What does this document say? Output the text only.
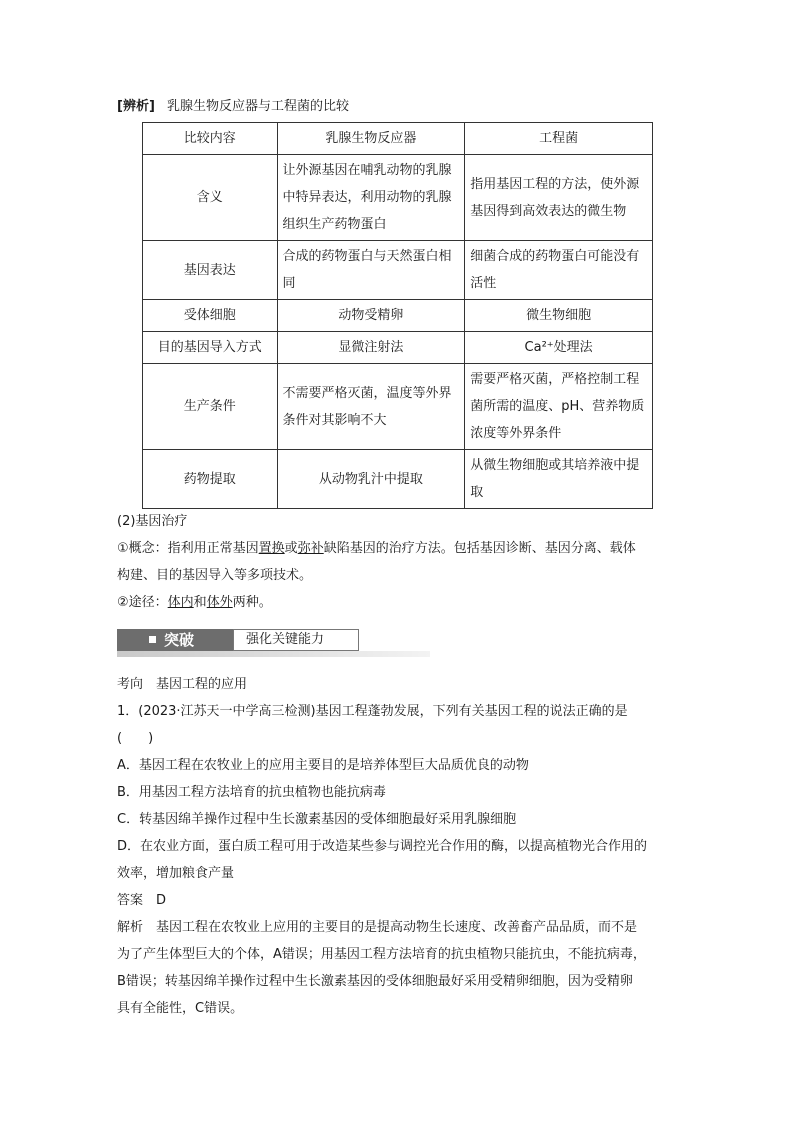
[辨析] 乳腺生物反应器与工程菌的比较
比较内容	乳腺生物反应器	工程菌
含义	让外源基因在哺乳动物的乳腺中特异表达，利用动物的乳腺组织生产药物蛋白	指用基因工程的方法，使外源基因得到高效表达的微生物
基因表达	合成的药物蛋白与天然蛋白相同	细菌合成的药物蛋白可能没有活性
受体细胞	动物受精卵	微生物细胞
目的基因导入方式	显微注射法	Ca²⁺处理法
生产条件	不需要严格灭菌，温度等外界条件对其影响不大	需要严格灭菌，严格控制工程菌所需的温度、pH、营养物质浓度等外界条件
药物提取	从动物乳汁中提取	从微生物细胞或其培养液中提取
(2)基因治疗
①概念：指利用正常基因置换或弥补缺陷基因的治疗方法。包括基因诊断、基因分离、载体
构建、目的基因导入等多项技术。
②途径：体内和体外两种。
突破	强化关键能力
考向　基因工程的应用
1．(2023·江苏天一中学高三检测)基因工程蓬勃发展，下列有关基因工程的说法正确的是
(　　)
A．基因工程在农牧业上的应用主要目的是培养体型巨大品质优良的动物
B．用基因工程方法培育的抗虫植物也能抗病毒
C．转基因绵羊操作过程中生长激素基因的受体细胞最好采用乳腺细胞
D．在农业方面，蛋白质工程可用于改造某些参与调控光合作用的酶，以提高植物光合作用的
效率，增加粮食产量
答案　D
解析　基因工程在农牧业上应用的主要目的是提高动物生长速度、改善畜产品品质，而不是
为了产生体型巨大的个体，A错误；用基因工程方法培育的抗虫植物只能抗虫，不能抗病毒，
B错误；转基因绵羊操作过程中生长激素基因的受体细胞最好采用受精卵细胞，因为受精卵
具有全能性，C错误。
